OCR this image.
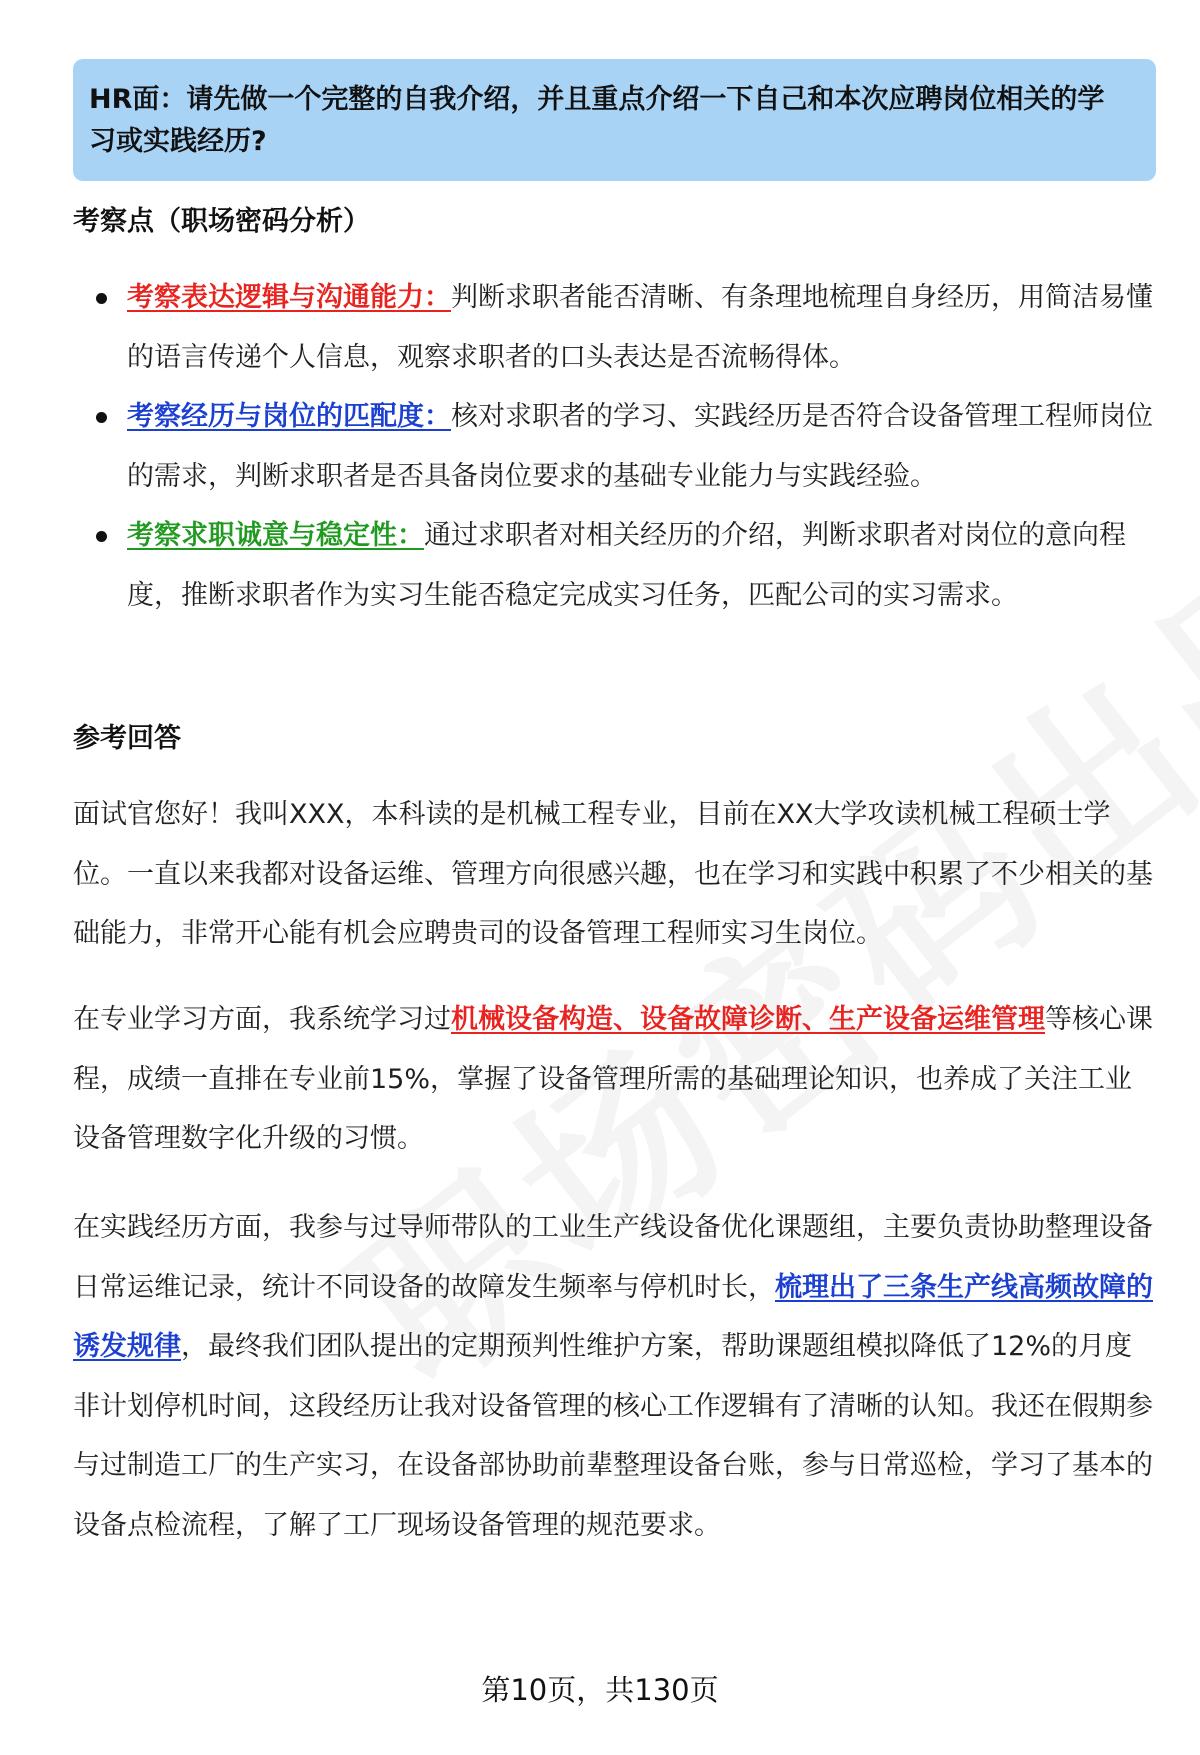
HR面：请先做一个完整的自我介绍，并且重点介绍一下自己和本次应聘岗位相关的学习或实践经历?
考察点（职场密码分析）
考察表达逻辑与沟通能力：判断求职者能否清晰、有条理地梳理自身经历，用简洁易懂的语言传递个人信息，观察求职者的口头表达是否流畅得体。
考察经历与岗位的匹配度：核对求职者的学习、实践经历是否符合设备管理工程师岗位的需求，判断求职者是否具备岗位要求的基础专业能力与实践经验。
考察求职诚意与稳定性：通过求职者对相关经历的介绍，判断求职者对岗位的意向程度，推断求职者作为实习生能否稳定完成实习任务，匹配公司的实习需求。
参考回答

面试官您好！我叫XXX，本科读的是机械工程专业，目前在XX大学攻读机械工程硕士学位。一直以来我都对设备运维、管理方向很感兴趣，也在学习和实践中积累了不少相关的基础能力，非常开心能有机会应聘贵司的设备管理工程师实习生岗位。

在专业学习方面，我系统学习过机械设备构造、设备故障诊断、生产设备运维管理等核心课程，成绩一直排在专业前15%，掌握了设备管理所需的基础理论知识，也养成了关注工业设备管理数字化升级的习惯。

在实践经历方面，我参与过导师带队的工业生产线设备优化课题组，主要负责协助整理设备日常运维记录，统计不同设备的故障发生频率与停机时长，梳理出了三条生产线高频故障的诱发规律，最终我们团队提出的定期预判性维护方案，帮助课题组模拟降低了12%的月度非计划停机时间，这段经历让我对设备管理的核心工作逻辑有了清晰的认知。我还在假期参与过制造工厂的生产实习，在设备部协助前辈整理设备台账，参与日常巡检，学习了基本的设备点检流程，了解了工厂现场设备管理的规范要求。

第10页，共130页
